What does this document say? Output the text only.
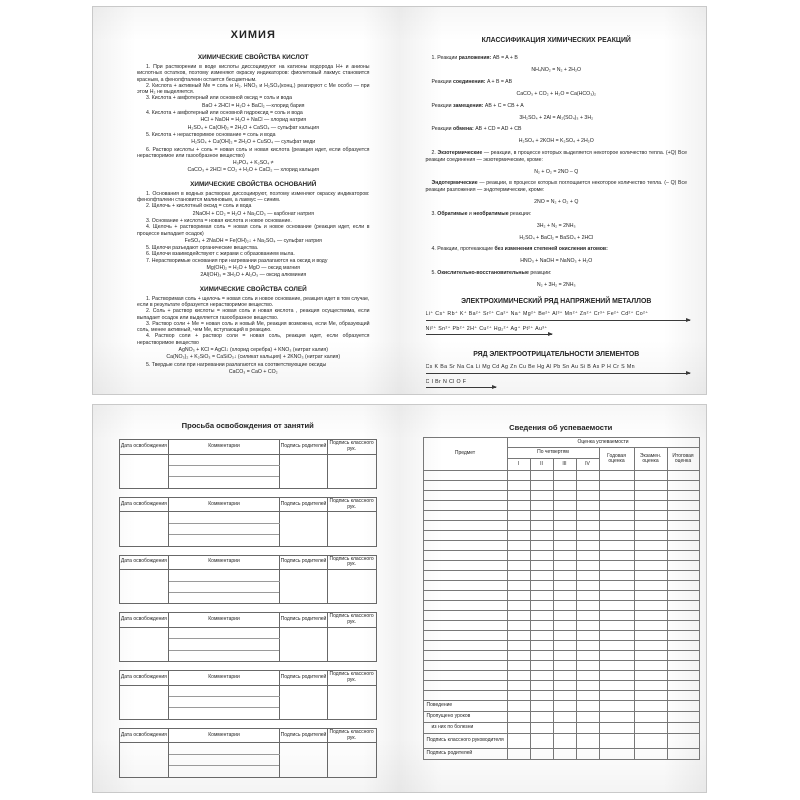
ХИМИЯ
ХИМИЧЕСКИЕ СВОЙСТВА КИСЛОТ
1. При растворении в воде кислоты диссоциируют на катионы водорода H+ и анионы кислотных остатков, поэтому изменяют окраску индикаторов: фиолетовый лакмус становится красным, а фенолфталеин остается бесцветным.
2. Кислота + активный Me = соль и H₂. HNO₃ и H₂SO₄(конц.) реагируют с Me особо — при этом H₂ не выделяется.
3. Кислота + амфотерный или основной оксид = соль и вода
BaO + 2HCl = H₂O + BaCl₂ —хлорид бария
4. Кислота + амфотерный или основной гидроксид = соль и вода
HCl + NaOH = H₂O + NaCl — хлорид натрия
H₂SO₄ + Ca(OH)₂ = 2H₂O + CaSO₄ — сульфат кальция
5. Кислота + нерастворимое основание = соль и вода
H₂SO₄ + Cu(OH)₂ = 2H₂O + CuSO₄ — сульфат меди
6. Раствор кислоты + соль = новая соль и новая кислота (реакция идет, если образуется нерастворимое или газообразное вещество)
H₃PO₄ + K₂SO₄ ≠
CaCO₃ + 2HCl = CO₂ + H₂O + CaCl₂ — хлорид кальция
ХИМИЧЕСКИЕ СВОЙСТВА ОСНОВАНИЙ
1. Основания в водных растворах диссоциируют, поэтому изменяют окраску индикаторов: фенолфталеин становится малиновым, а лакмус — синим.
2. Щелочь + кислотный оксид = соль и вода
2NaOH + CO₂ = H₂O + Na₂CO₃ — карбонат натрия
3. Основание + кислота = новая кислота и новое основание.
4. Щелочь + растворимая соль = новая соль и новое основание (реакция идет, если в процессе выпадает осадок)
FeSO₄ + 2NaOH = Fe(OH)₂↓ + Na₂SO₄ — сульфат натрия
5. Щелочи разъедают органические вещества.
6. Щелочи взаимодействуют с жирами с образованием мыла.
7. Нерастворимые основания при нагревании разлагаются на оксид и воду
Mg(OH)₂ = H₂O + MgO — оксид магния
2Al(OH)₃ = 3H₂O + Al₂O₃ — оксид алюминия
ХИМИЧЕСКИЕ СВОЙСТВА СОЛЕЙ
1. Растворимая соль + щелочь = новая соль и новое основание, реакция идет в том случае, если в результате образуется нерастворимое вещество.
2. Соль + раствор кислоты = новая соль и новая кислота , реакция осуществима, если выпадает осадок или выделяется газообразное вещество.
3. Раствор соли + Me = новая соль и новый Me, реакция возможна, если Me, образующий соль, менее активный, чем Me, вступающий в реакцию.
4. Раствор соли + раствор соли = новая соль, реакция идет, если образуется нерастворимое вещество
AgNO₃ + KCl = AgCl↓ (хлорид серебра) + KNO₃ (нитрат калия)
Ca(NO₃)₂ + K₂SiO₃ = CaSiO₃↓ (силикат кальция) + 2KNO₃ (нитрат калия)
5. Твердые соли при нагревании разлагаются на соответствующие оксиды
CaCO₃ = CaO + CO₂
КЛАССИФИКАЦИЯ ХИМИЧЕСКИХ РЕАКЦИЙ
1. Реакции разложения: AB = A + B
NH₄NO₂ = N₂ + 2H₂O
Реакции соединения: A + B = AB
CaCO₃ + CO₂ + H₂O = Ca(HCO₃)₂
Реакции замещения: AB + C = CB + A
3H₂SO₄ + 2Al = Al₂(SO₄)₃ + 3H₂
Реакции обмена: AB + CD = AD + CB
H₂SO₄ + 2KOH = K₂SO₄ + 2H₂O
2. Экзотермические — реакции, в процессе которых выделяется некоторое количество тепла. (+Q) Все реакции соединения — экзотермические, кроме:
N₂ + O₂ = 2NO – Q
Эндотермические — реакции, в процессе которых поглощается некоторое количество тепла. (– Q) Все реакции разложения — эндотермические, кроме:
2NO = N₂ + O₂ + Q
3. Обратимые и необратимые реакции:
3H₂ + N₂ = 2NH₃
H₂SO₄ + BaCl₂ = BaSO₄ + 2HCl
4. Реакции, протекающие без изменения степеней окисления атомов:
HNO₃ + NaOH = NaNO₃ + H₂O
5. Окислительно-восстановительные реакции:
N₂ + 3H₂ = 2NH₃
ЭЛЕКТРОХИМИЧЕСКИЙ РЯД НАПРЯЖЕНИЙ МЕТАЛЛОВ
Li⁺ Cs⁺ Rb⁺ K⁺ Ba²⁺ Sr²⁺ Ca²⁺ Na⁺ Mg²⁺ Be²⁺ Al³⁺ Mn²⁺ Zn²⁺ Cr³⁺ Fe²⁺ Cd²⁺ Co²⁺
Ni²⁺ Sn²⁺ Pb²⁺ 2H⁺ Cu²⁺ Hg₂²⁺ Ag⁺ Pt²⁺ Au³⁺
РЯД ЭЛЕКТРООТРИЦАТЕЛЬНОСТИ ЭЛЕМЕНТОВ
Cs K Ba Sr Na Ca Li Mg Cd Ag Zn Cu Be Hg Al Pb Sn Au Si B As P H Cr S Mn
C I Br N Cl O F
Просьба освобождения от занятий
Дата освобождения	Комментарии	Подпись родителей	Подпись классного рук.

Дата освобождения	Комментарии	Подпись родителей	Подпись классного рук.

Дата освобождения	Комментарии	Подпись родителей	Подпись классного рук.

Дата освобождения	Комментарии	Подпись родителей	Подпись классного рук.

Дата освобождения	Комментарии	Подпись родителей	Подпись классного рук.

Дата освобождения	Комментарии	Подпись родителей	Подпись классного рук.

Сведения об успеваемости
Предмет	Оценка успеваемости						
	По четвертям				Годовая оценка	Экзамен. оценка	Итоговая оценка
	I	II	III	IV			

Поведение							
Пропущено уроков							
из них по болезни							
Подпись классного руководителя							
Подпись родителей							
